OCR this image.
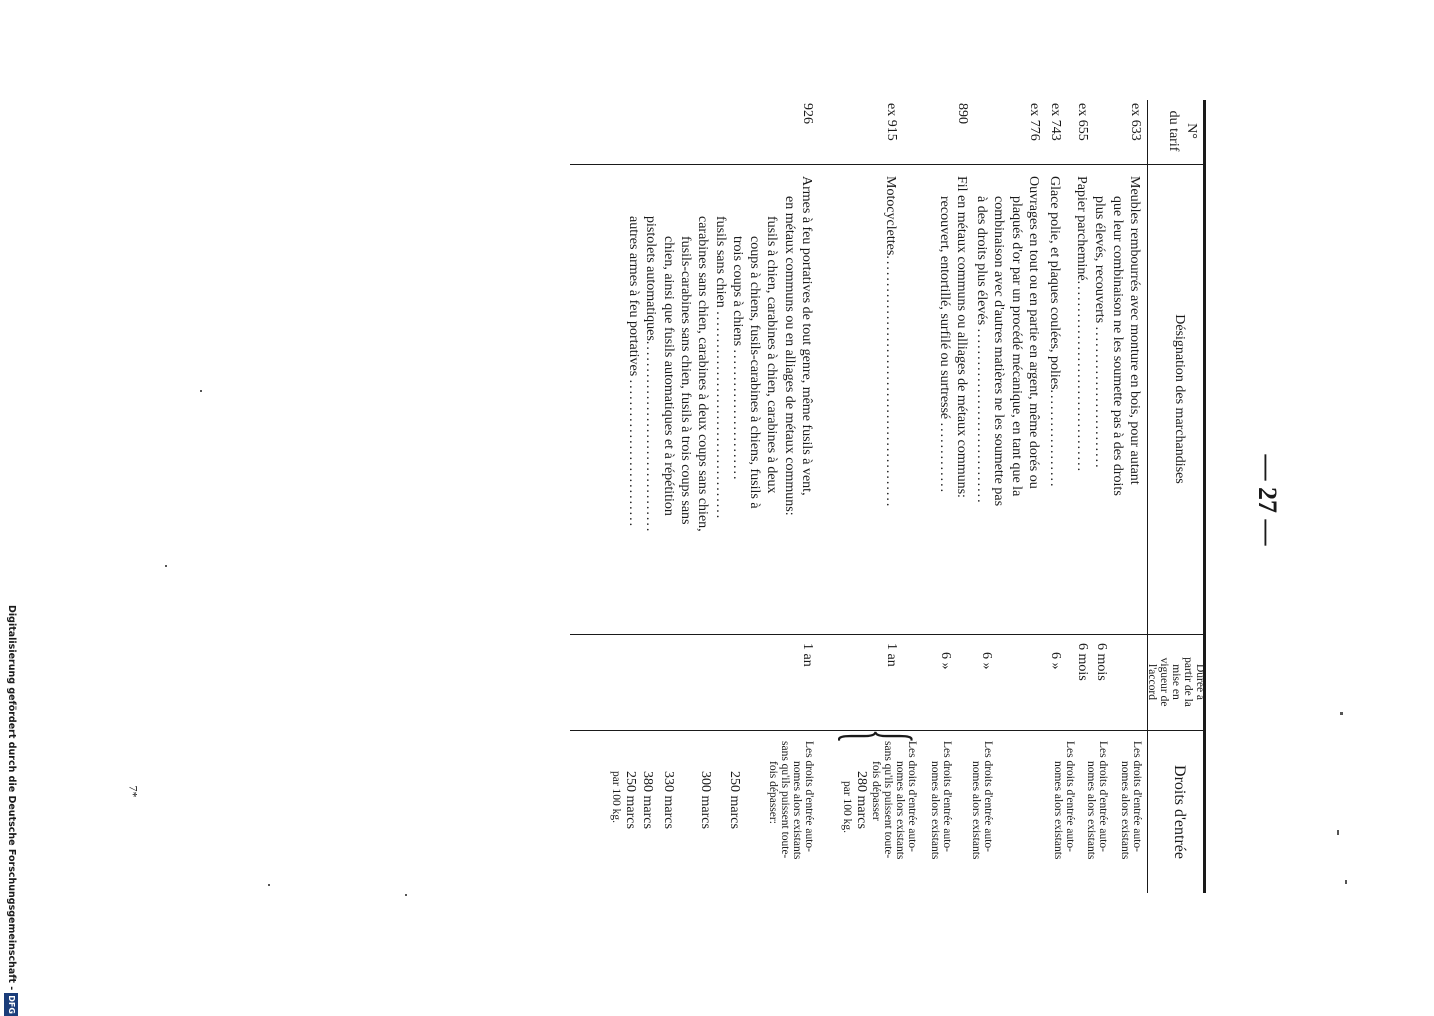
— 27 —
N°
du tarif
Désignation des marchandises
Durée à
partir de la
mise en
vigueur de
l'accord
Droits d'entrée
ex 633
Meubles rembourrés avec monture en bois, pour autant
que leur combinaison ne les soumette pas à des droits
plus élevés, recouverts ..........................
6 mois
Les droits d'entrée auto-
nomes alors existants
ex 655
Papier parcheminé...................................
6 mois
Les droits d'entrée auto-
nomes alors existants
ex 743
Glace polie, et plaques coulées, polies..................
6 »
Les droits d'entrée auto-
nomes alors existants
ex 776
Ouvrages en tout ou en partie en argent, même dorés ou
plaqués d'or par un procédé mécanique, en tant que la
combinaison avec d'autres matières ne les soumette pas
à des droits plus élevés ................................
6 »
Les droits d'entrée auto-
nomes alors existants
890
Fil en métaux communs ou alliages de métaux communs:
recouvert, entortillé, surfilé ou surtressé .............
6 »
Les droits d'entrée auto-
nomes alors existants
ex 915
Motocyclettes..............................................
1 an
{
Les droits d'entrée auto-
nomes alors existants
sans qu'ils puissent toute-
fois dépasser
280 marcs
par 100 kg.
926
Armes à feu portatives de tout genre, même fusils à vent,
en métaux communs ou en alliages de métaux communs:
fusils à chien, carabines à chien, carabines à deux
coups à chiens, fusils-carabines à chiens, fusils à
trois coups à chiens ........................
fusils sans chien ......................................
carabines sans chien, carabines à deux coups sans chien,
fusils-carabines sans chien, fusils à trois coups sans
chien, ainsi que fusils automatiques et à répétition
pistolets automatiques...................................
autres armes à feu portatives ...........................
1 an
Les droits d'entrée auto-
nomes alors existants
sans qu'ils puissent toute-
fois dépasser:
250 marcs
300 marcs
330 marcs
380 marcs
250 marcs
par 100 kg.
Digitalisierung gefördert durch die Deutsche Forschungsgemeinschaft -DFG
7*
